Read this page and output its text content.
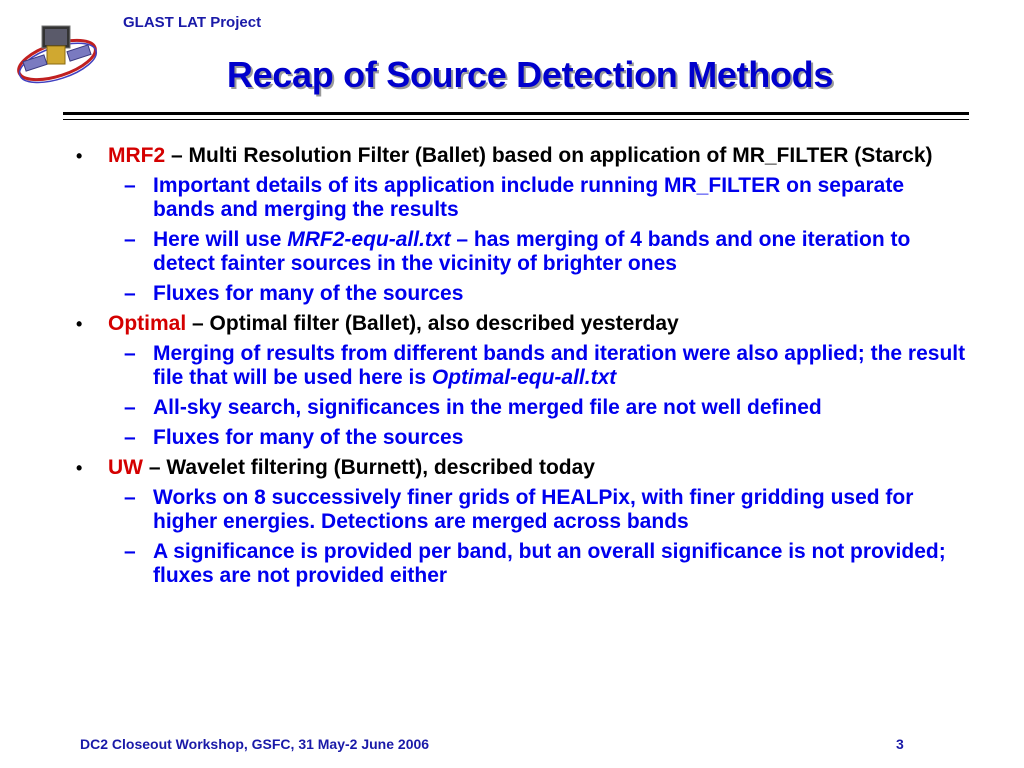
GLAST LAT Project
Recap of Source Detection Methods
• MRF2 – Multi Resolution Filter (Ballet) based on application of MR_FILTER (Starck)
– Important details of its application include running MR_FILTER on separate bands and merging the results
– Here will use MRF2-equ-all.txt – has merging of 4 bands and one iteration to detect fainter sources in the vicinity of brighter ones
– Fluxes for many of the sources
• Optimal – Optimal filter (Ballet), also described yesterday
– Merging of results from different bands and iteration were also applied; the result file that will be used here is Optimal-equ-all.txt
– All-sky search, significances in the merged file are not well defined
– Fluxes for many of the sources
• UW – Wavelet filtering (Burnett), described today
– Works on 8 successively finer grids of HEALPix, with finer gridding used for higher energies. Detections are merged across bands
– A significance is provided per band, but an overall significance is not provided; fluxes are not provided either
DC2 Closeout Workshop, GSFC, 31 May-2 June 2006	3
